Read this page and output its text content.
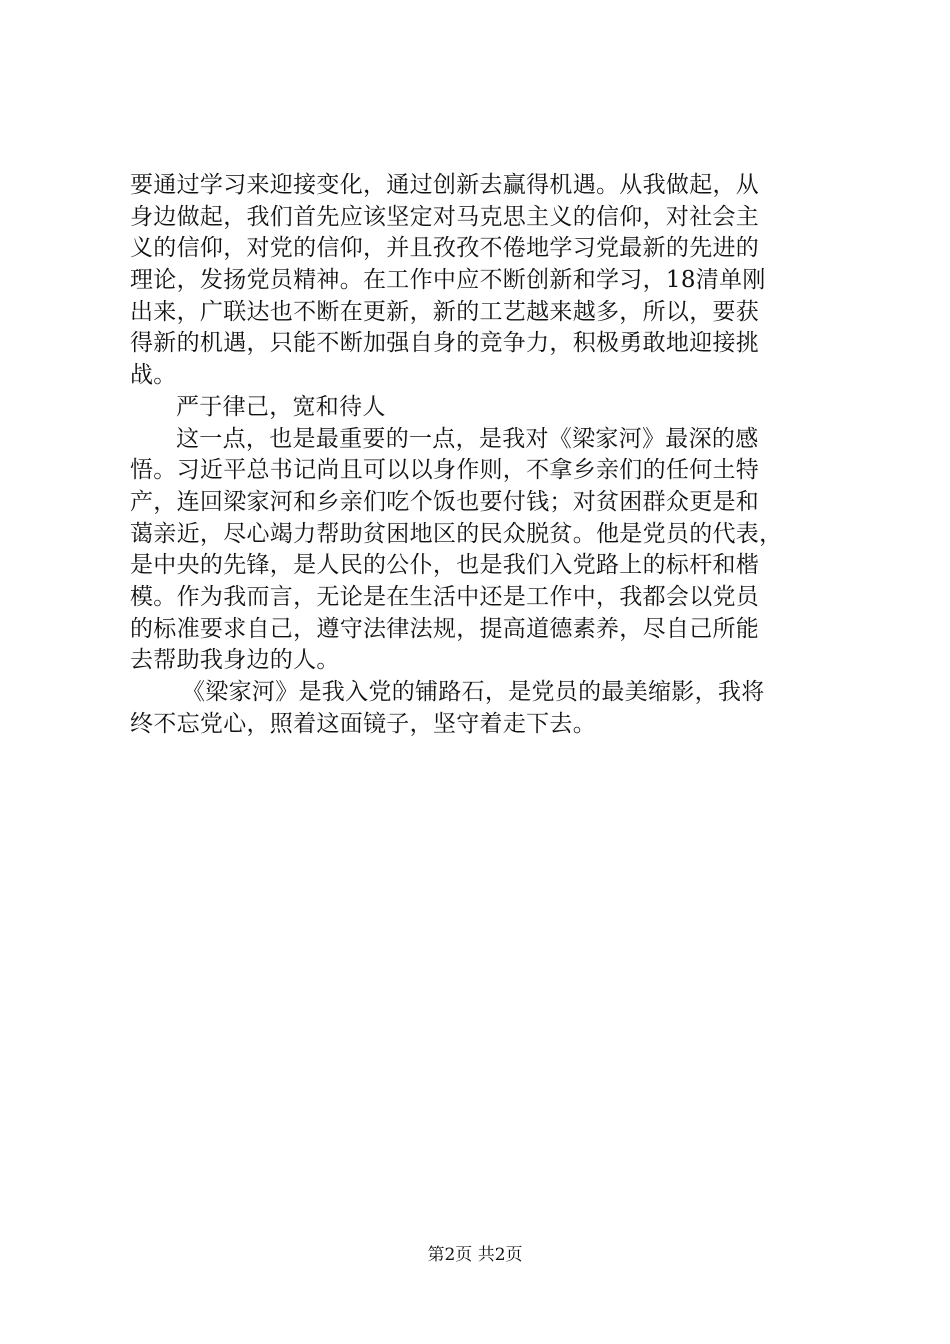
要通过学习来迎接变化，通过创新去赢得机遇。从我做起，从
身边做起，我们首先应该坚定对马克思主义的信仰，对社会主
义的信仰，对党的信仰，并且孜孜不倦地学习党最新的先进的
理论，发扬党员精神。在工作中应不断创新和学习，18清单刚
出来，广联达也不断在更新，新的工艺越来越多，所以，要获
得新的机遇，只能不断加强自身的竞争力，积极勇敢地迎接挑
战。
严于律己，宽和待人
这一点，也是最重要的一点，是我对《梁家河》最深的感
悟。习近平总书记尚且可以以身作则，不拿乡亲们的任何土特
产，连回梁家河和乡亲们吃个饭也要付钱；对贫困群众更是和
蔼亲近，尽心竭力帮助贫困地区的民众脱贫。他是党员的代表，
是中央的先锋，是人民的公仆，也是我们入党路上的标杆和楷
模。作为我而言，无论是在生活中还是工作中，我都会以党员
的标准要求自己，遵守法律法规，提高道德素养，尽自己所能
去帮助我身边的人。
《梁家河》是我入党的铺路石，是党员的最美缩影，我将
终不忘党心，照着这面镜子，坚守着走下去。
第2页 共2页
